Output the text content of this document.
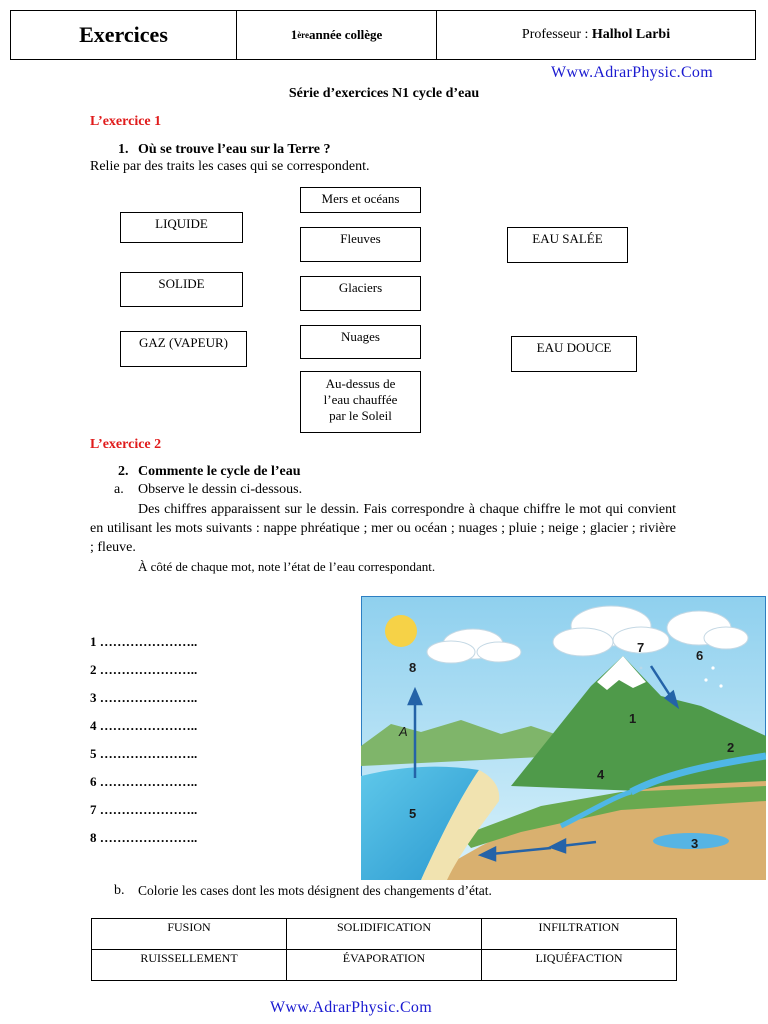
Exercices	1 ère année collège	Professeur :
Halhol Larbi
Www.AdrarPhysic.Com
Série d’exercices N1 cycle d’eau
L’exercice 1
1. Où se trouve l’eau sur la Terre ?
Relie par des traits les cases qui se correspondent.
LIQUIDE
SOLIDE
GAZ (VAPEUR)
Mers et océans
Fleuves
Glaciers
Nuages
Au-dessus de l’eau chauffée par le Soleil
EAU SALÉE
EAU DOUCE
L’exercice 2
2. Commente le cycle de l’eau
a. Observe le dessin ci-dessous.
Des chiffres apparaissent sur le dessin. Fais correspondre à chaque chiffre le mot qui convient en utilisant les mots suivants : nappe phréatique ; mer ou océan ; nuages ; pluie ; neige ; glacier ; rivière ; fleuve.
À côté de chaque mot, note l’état de l’eau correspondant.
1 …………………..
2 …………………..
3 …………………..
4 …………………..
5 …………………..
6 …………………..
7 …………………..
8 …………………..
8
7
6
1
2
4
5
3
A
b. Colorie les cases dont les mots désignent des changements d’état.
FUSION	SOLIDIFICATION	INFILTRATION
RUISSELLEMENT	ÉVAPORATION	LIQUÉFACTION
Www.AdrarPhysic.Com
